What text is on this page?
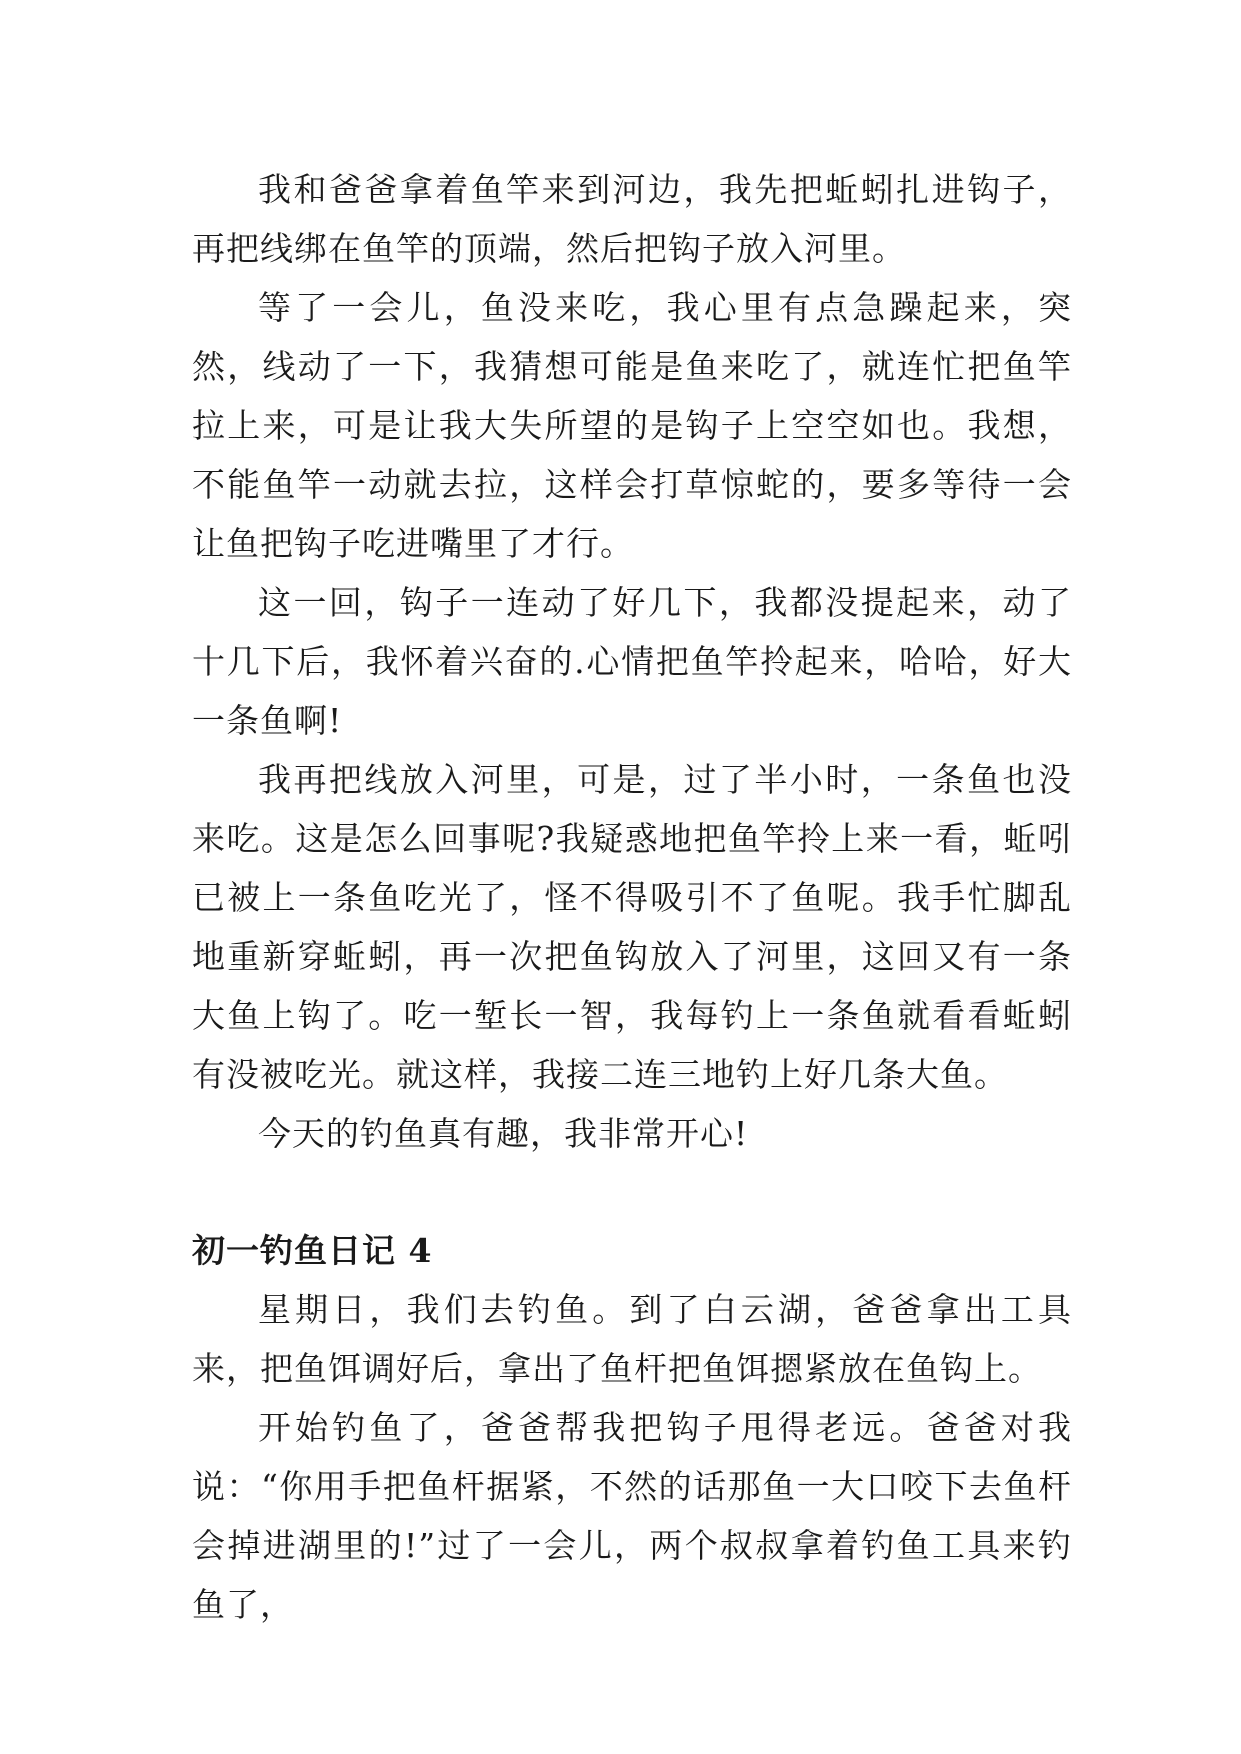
我和爸爸拿着鱼竿来到河边，我先把蚯蚓扎进钩子，再把线绑在鱼竿的顶端，然后把钩子放入河里。

等了一会儿，鱼没来吃，我心里有点急躁起来，突然，线动了一下，我猜想可能是鱼来吃了，就连忙把鱼竿拉上来，可是让我大失所望的是钩子上空空如也。我想，不能鱼竿一动就去拉，这样会打草惊蛇的，要多等待一会让鱼把钩子吃进嘴里了才行。

这一回，钩子一连动了好几下，我都没提起来，动了十几下后，我怀着兴奋的.心情把鱼竿拎起来，哈哈，好大一条鱼啊!

我再把线放入河里，可是，过了半小时，一条鱼也没来吃。这是怎么回事呢?我疑惑地把鱼竿拎上来一看，蚯吲已被上一条鱼吃光了，怪不得吸引不了鱼呢。我手忙脚乱地重新穿蚯蚓，再一次把鱼钩放入了河里，这回又有一条大鱼上钩了。吃一堑长一智，我每钓上一条鱼就看看蚯蚓有没被吃光。就这样，我接二连三地钓上好几条大鱼。

今天的钓鱼真有趣，我非常开心!

初一钓鱼日记 4

星期日，我们去钓鱼。到了白云湖，爸爸拿出工具来，把鱼饵调好后，拿出了鱼杆把鱼饵摁紧放在鱼钩上。

开始钓鱼了，爸爸帮我把钩子甩得老远。爸爸对我说：“你用手把鱼杆据紧，不然的话那鱼一大口咬下去鱼杆会掉进湖里的!”过了一会儿，两个叔叔拿着钓鱼工具来钓鱼了，
